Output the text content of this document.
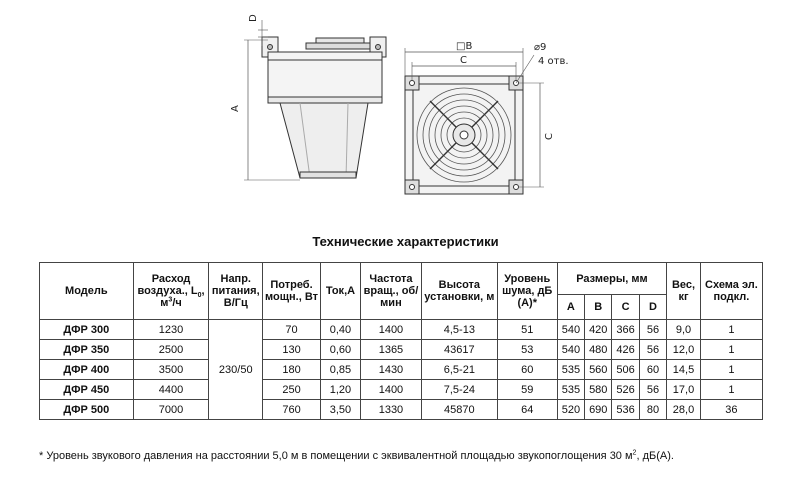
A
D
□B
C
C
⌀9
4 отв.
Технические характеристики
Модель	Расход воздуха., $L_0$, $м^3/ч$	Напр. питания, В/Гц	Потреб. мощн., Вт	Ток,А	Частота вращ., об/мин	Высота установки, м	Уровень шума, дБ (А)*	Размеры, мм				Вес, кг	Схема эл. подкл.
								A	B	C	D		
ДФР 300	1230	230/50	70	0,40	1400	4,5-13	51	540	420	366	56	9,0	1
ДФР 350	2500		130	0,60	1365	43617	53	540	480	426	56	12,0	1
ДФР 400	3500		180	0,85	1430	6,5-21	60	535	560	506	60	14,5	1
ДФР 450	4400		250	1,20	1400	7,5-24	59	535	580	526	56	17,0	1
ДФР 500	7000		760	3,50	1330	45870	64	520	690	536	80	28,0	36
* Уровень звукового давления на расстоянии 5,0 м в помещении с эквивалентной площадью звукопоглощения 30 $м^2$, дБ(А).
